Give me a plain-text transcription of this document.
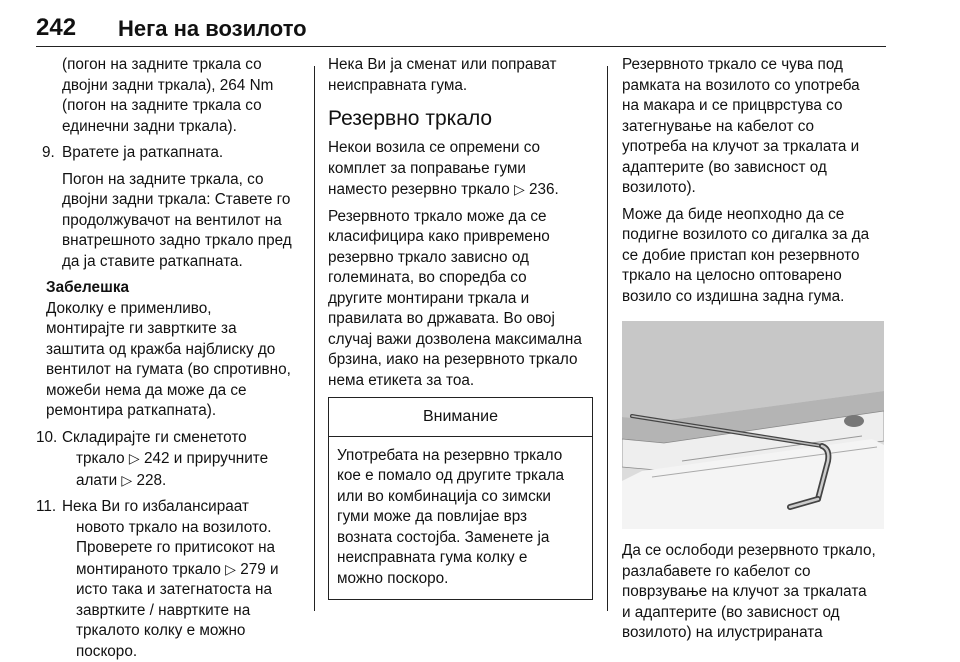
242 Нега на возилото

(погон на задните тркала со

двојни задни тркала), 264 Nm

(погон на задните тркала со

единечни задни тркала).

9. Вратете ја раткапната.

Погон на задните тркала, со

двојни задни тркала: Ставете го

продолжувачот на вентилот на

внатрешното задно тркало пред

да ја ставите раткапната.

Забелешка

Доколку е применливо,

монтирајте ги завртките за

заштита од кражба најблиску до

вентилот на гумата (во спротивно,

можеби нема да може да се

ремонтира раткапната).

10. Складирајте ги сменетото

тркало ▷ 242 и приручните

алати ▷ 228.

11. Нека Ви го избалансираат

новото тркало на возилото.

Проверете го притисокот на

монтираното тркало ▷ 279 и

исто така и затегнатоста на

завртките / навртките на

тркалото колку е можно

поскоро.

Нека Ви ја сменат или поправат

неисправната гума.

Резервно тркало

Некои возила се опремени со

комплет за поправање гуми

наместо резервно тркало ▷ 236.

Резервното тркало може да се

класифицира како привремено

резервно тркало зависно од

големината, во споредба со

другите монтирани тркала и

правилата во државата. Во овој

случај важи дозволена максимална

брзина, иако на резервното тркало

нема етикета за тоа.

Внимание

Употребата на резервно тркало

кое е помало од другите тркала

или во комбинација со зимски

гуми може да повлијае врз

возната состојба. Заменете ја

неисправната гума колку е

можно поскоро.

Резервното тркало се чува под

рамката на возилото со употреба

на макара и се прицврстува со

затегнување на кабелот со

употреба на клучот за тркалата и

адаптерите (во зависност од

возилото).

Може да биде неопходно да се

подигне возилото со дигалка за да

се добие пристап кон резервното

тркало на целосно оптоварено

возило со издишна задна гума.

Да се ослободи резервното тркало,

разлабавете го кабелот со

поврзување на клучот за тркалата

и адаптерите (во зависност од

возилото) на илустрираната
